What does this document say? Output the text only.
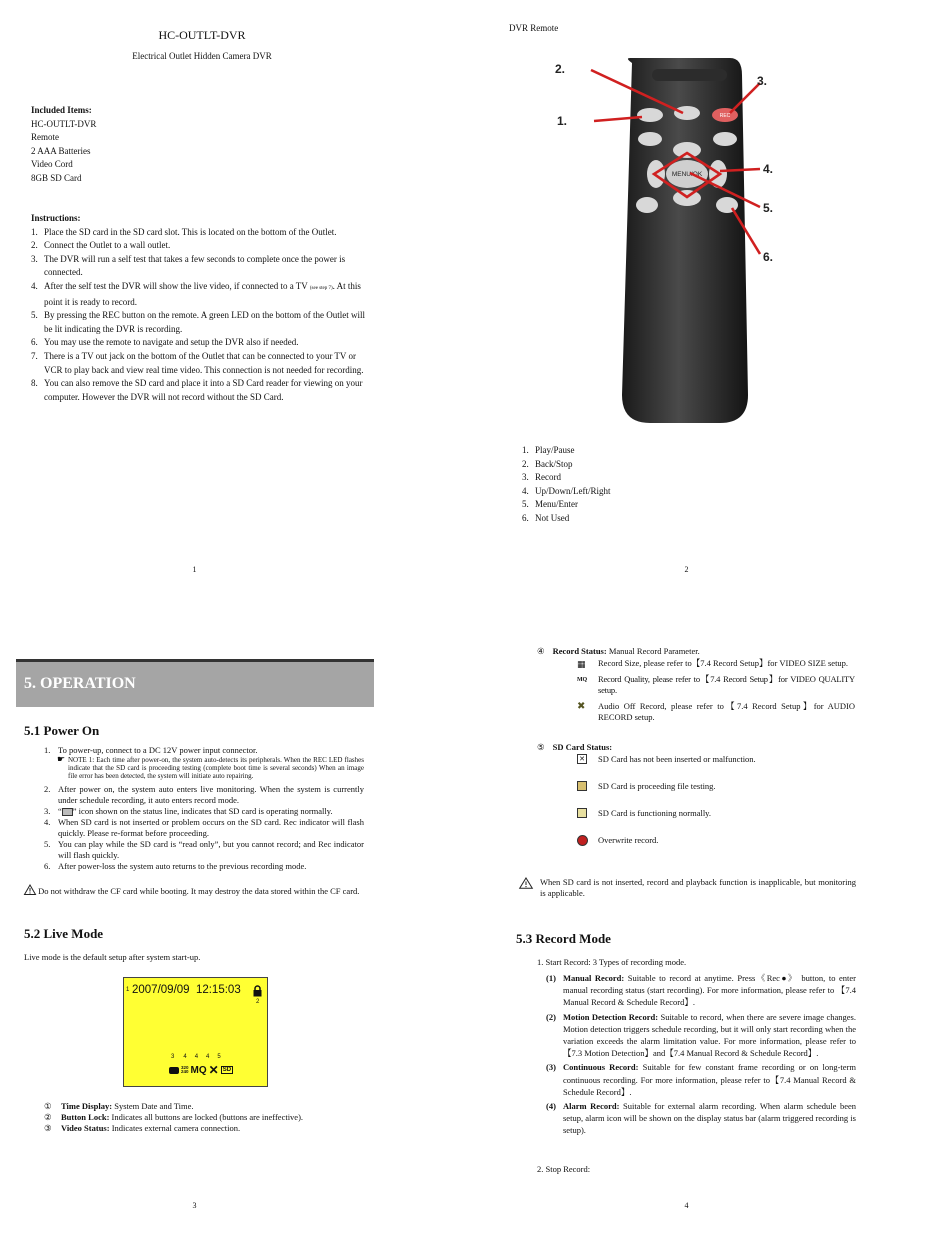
HC-OUTLT-DVR
Electrical Outlet Hidden Camera DVR
Included Items:
HC-OUTLT-DVR
Remote
2 AAA Batteries
Video Cord
8GB SD Card
Instructions:
1. Place the SD card in the SD card slot. This is located on the bottom of the Outlet.
2. Connect the Outlet to a wall outlet.
3. The DVR will run a self test that takes a few seconds to complete once the power is connected.
4. After the self test the DVR will show the live video, if connected to a TV (see step 7). At this point it is ready to record.
5. By pressing the REC button on the remote. A green LED on the bottom of the Outlet will be lit indicating the DVR is recording.
6. You may use the remote to navigate and setup the DVR also if needed.
7. There is a TV out jack on the bottom of the Outlet that can be connected to your TV or VCR to play back and view real time video. This connection is not needed for recording.
8. You can also remove the SD card and place it into a SD Card reader for viewing on your computer. However the DVR will not record without the SD Card.
1
DVR Remote
REC
MENU/OK
2.
3.
1.
4.
5.
6.
1. Play/Pause
2. Back/Stop
3. Record
4. Up/Down/Left/Right
5. Menu/Enter
6. Not Used
2
5. OPERATION
5.1 Power On
1. To power-up, connect to a DC 12V power input connector.
☛ NOTE 1: Each time after power-on, the system auto-detects its peripherals. When the REC LED flashes indicate that the SD card is proceeding testing (complete boot time is several seconds) When an image file error has been detected, the system will initiate auto repairing.
2. After power on, the system auto enters live monitoring. When the system is currently under schedule recording, it auto enters record mode.
3. “ ” icon shown on the status line, indicates that SD card is operating normally.
4. When SD card is not inserted or problem occurs on the SD card. Rec indicator will flash quickly. Please re-format before proceeding.
5. You can play while the SD card is “read only”, but you cannot record; and Rec indicator will flash quickly.
6. After power-loss the system auto returns to the previous recording mode.
Do not withdraw the CF card while booting. It may destroy the data stored within the CF card.
5.2 Live Mode
Live mode is the default setup after system start-up.
1 2007/09/09  12:15:03
2
3 4 4 4 5
320
240 MQ ✕ SD
① Time Display: System Date and Time.
② Button Lock: Indicates all buttons are locked (buttons are ineffective).
③ Video Status: Indicates external camera connection.
3
④ Record Status: Manual Record Parameter.
▦ Record Size, please refer to【7.4 Record Setup】for VIDEO SIZE setup.
MQ Record Quality, please refer to【7.4 Record Setup】for VIDEO QUALITY setup.
✖ Audio Off Record, please refer to【7.4 Record Setup】for AUDIO RECORD setup.
⑤ SD Card Status:
✕ SD Card has not been inserted or malfunction.
SD Card is proceeding file testing.
SD Card is functioning normally.
Overwrite record.
When SD card is not inserted, record and playback function is inapplicable, but monitoring is applicable.
5.3 Record Mode
1. Start Record: 3 Types of recording mode.
(1) Manual Record: Suitable to record at anytime. Press《Rec●》 button, to enter manual recording status (start recording). For more information, please refer to 【7.4 Manual Record & Schedule Record】.
(2) Motion Detection Record: Suitable to record, when there are severe image changes. Motion detection triggers schedule recording, but it will only start recording when the variation exceeds the alarm limitation value. For more information, please refer to【7.3 Motion Detection】and【7.4 Manual Record & Schedule Record】.
(3) Continuous Record: Suitable for few constant frame recording or on long-term continuous recording. For more information, please refer to【7.4 Manual Record & Schedule Record】.
(4) Alarm Record: Suitable for external alarm recording. When alarm schedule been setup, alarm icon will be shown on the display status bar (alarm triggered recording is setup).
2. Stop Record:
4
